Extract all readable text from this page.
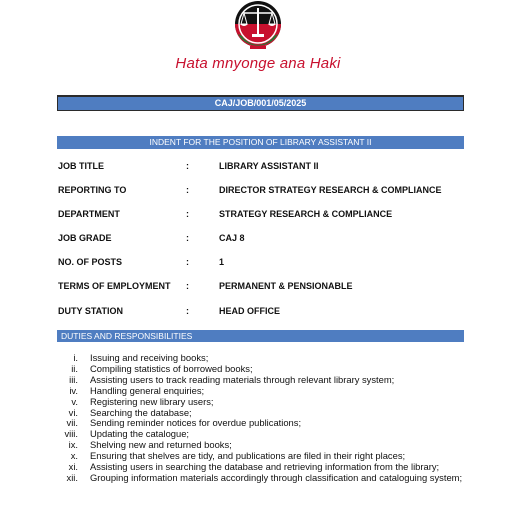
Hata mnyonge ana Haki
CAJ/JOB/001/05/2025
INDENT FOR THE POSITION OF LIBRARY ASSISTANT II
JOB TITLE	:	LIBRARY ASSISTANT II
REPORTING TO	:	DIRECTOR STRATEGY RESEARCH & COMPLIANCE
DEPARTMENT	:	STRATEGY RESEARCH & COMPLIANCE
JOB GRADE	:	CAJ 8
NO. OF POSTS	:	1
TERMS OF EMPLOYMENT	:	PERMANENT & PENSIONABLE
DUTY STATION	:	HEAD OFFICE
DUTIES AND RESPONSIBILITIES
i. Issuing and receiving books;
ii. Compiling statistics of borrowed books;
iii. Assisting users to track reading materials through relevant library system;
iv. Handling general enquiries;
v. Registering new library users;
vi. Searching the database;
vii. Sending reminder notices for overdue publications;
viii. Updating the catalogue;
ix. Shelving new and returned books;
x. Ensuring that shelves are tidy, and publications are filed in their right places;
xi. Assisting users in searching the database and retrieving information from the library;
xii. Grouping information materials accordingly through classification and cataloguing system;
